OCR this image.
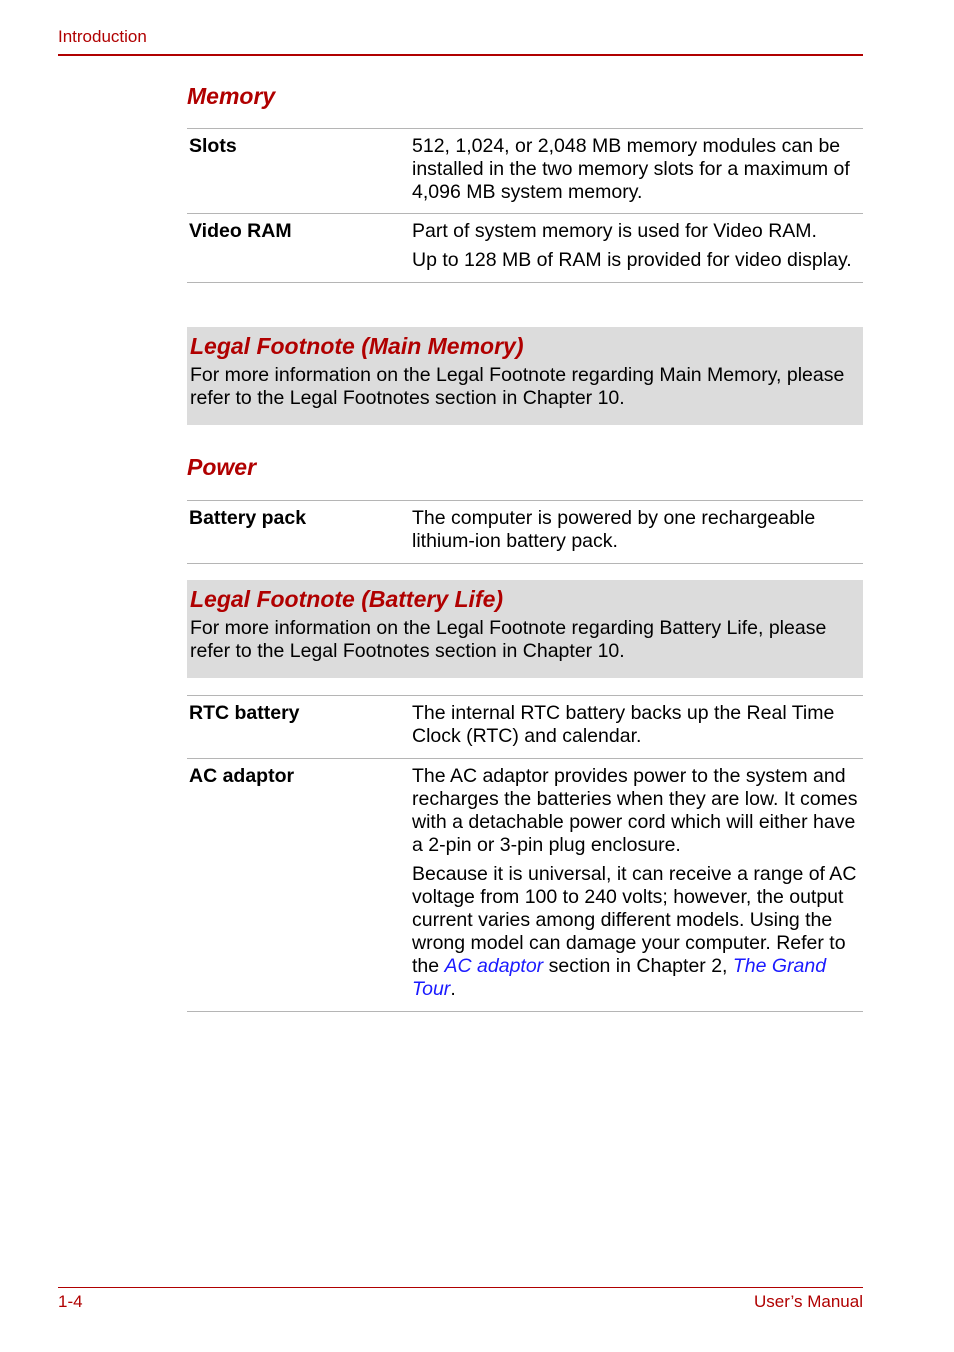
Introduction
Memory
Slots	512, 1,024, or 2,048 MB memory modules can be installed in the two memory slots for a maximum of 4,096 MB system memory.

Video RAM	Part of system memory is used for Video RAM.

Up to 128 MB of RAM is provided for video display.

Legal Footnote (Main Memory)
For more information on the Legal Footnote regarding Main Memory, please refer to the Legal Footnotes section in Chapter 10.
Power
Battery pack	The computer is powered by one rechargeable lithium-ion battery pack.

Legal Footnote (Battery Life)
For more information on the Legal Footnote regarding Battery Life, please refer to the Legal Footnotes section in Chapter 10.
RTC battery	The internal RTC battery backs up the Real Time Clock (RTC) and calendar.

AC adaptor	The AC adaptor provides power to the system and recharges the batteries when they are low. It comes with a detachable power cord which will either have a 2-pin or 3-pin plug enclosure.

Because it is universal, it can receive a range of AC voltage from 100 to 240 volts; however, the output current varies among different models. Using the wrong model can damage your computer. Refer to the AC adaptor section in Chapter 2, The Grand Tour.

1-4	User’s Manual
